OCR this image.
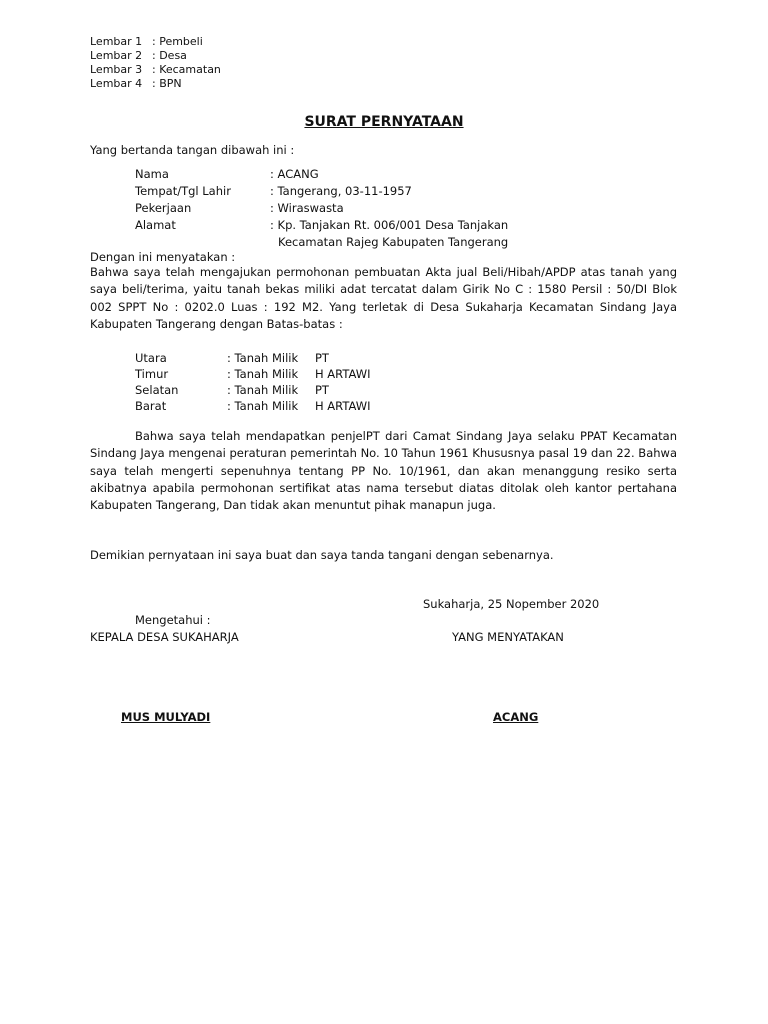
Lembar 1 : Pembeli
Lembar 2 : Desa
Lembar 3 : Kecamatan
Lembar 4 : BPN
SURAT PERNYATAAN
Yang bertanda tangan dibawah ini :
Nama	: ACANG
Tempat/Tgl Lahir	: Tangerang, 03-11-1957
Pekerjaan	: Wiraswasta
Alamat	: Kp. Tanjakan Rt. 006/001 Desa Tanjakan
Kecamatan Rajeg Kabupaten Tangerang
Dengan ini menyatakan :
Bahwa saya telah mengajukan permohonan pembuatan Akta jual Beli/Hibah/APDP atas tanah yang saya beli/terima, yaitu tanah bekas miliki adat tercatat dalam Girik No C : 1580 Persil : 50/DI Blok 002 SPPT No : 0202.0 Luas : 192 M2. Yang terletak di Desa Sukaharja Kecamatan Sindang Jaya Kabupaten Tangerang dengan Batas-batas :
Utara	: Tanah Milik	PT
Timur	: Tanah Milik	H ARTAWI
Selatan	: Tanah Milik	PT
Barat	: Tanah Milik	H ARTAWI
Bahwa saya telah mendapatkan penjelPT dari Camat Sindang Jaya selaku PPAT Kecamatan Sindang Jaya mengenai peraturan pemerintah No. 10 Tahun 1961 Khususnya pasal 19 dan 22. Bahwa saya telah mengerti sepenuhnya tentang PP No. 10/1961, dan akan menanggung resiko serta akibatnya apabila permohonan sertifikat atas nama tersebut diatas ditolak oleh kantor pertahana Kabupaten Tangerang, Dan tidak akan menuntut pihak manapun juga.
Demikian pernyataan ini saya buat dan saya tanda tangani dengan sebenarnya.
Sukaharja, 25 Nopember 2020
Mengetahui :
KEPALA DESA SUKAHARJA	YANG MENYATAKAN
MUS MULYADI	ACANG
